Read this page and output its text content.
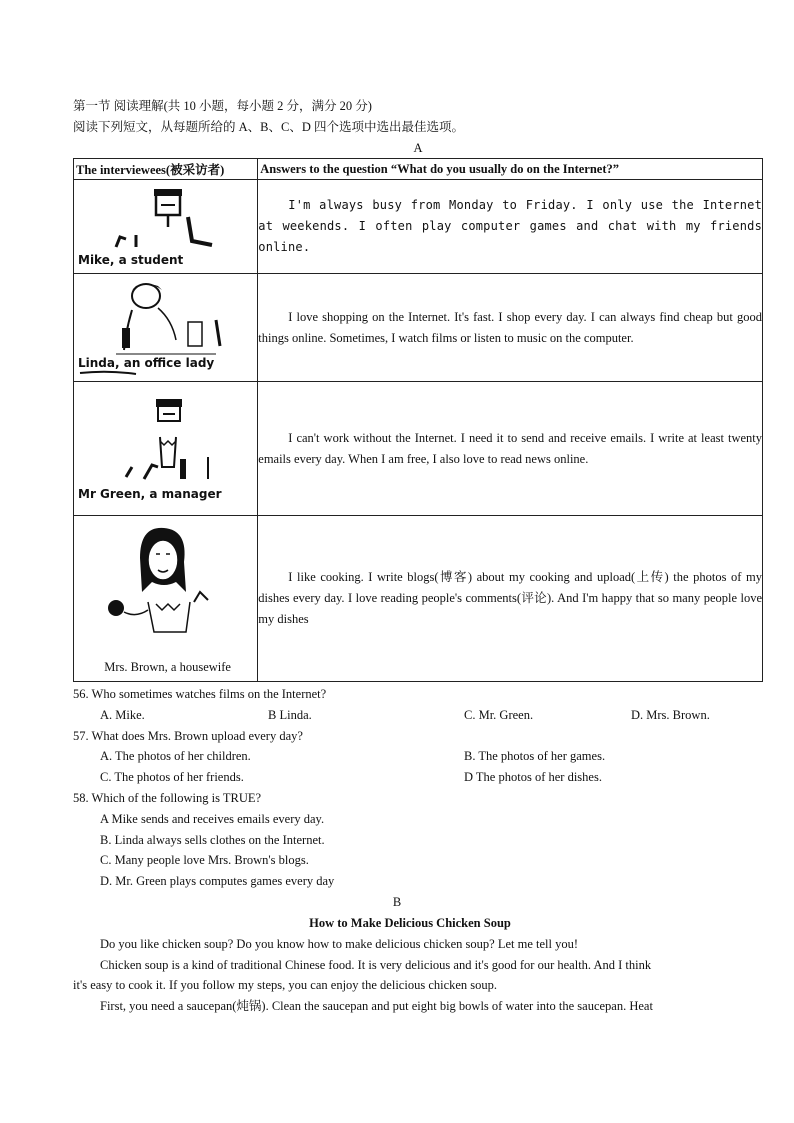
第一节 阅读理解(共 10 小题，每小题 2 分，满分 20 分)
阅读下列短文，从每题所给的 A、B、C、D 四个选项中选出最佳选项。
A
The interviewees(被采访者)	Answers to the question “What do you usually do on the Internet?”

Mike, a student	I'm always busy from Monday to Friday. I only use the Internet at weekends. I often play computer games and chat with my friends online.

Linda, an office lady	I love shopping on the Internet. It's fast. I shop every day. I can always find cheap but good things online. Sometimes, I watch films or listen to music on the computer.

Mr Green, a manager	I can't work without the Internet. I need it to send and receive emails. I write at least twenty emails every day. When I am free, I also love to read news online.

Mrs. Brown, a housewife	I like cooking. I write blogs(博客) about my cooking and upload(上传) the photos of my dishes every day. I love reading people's comments(评论). And I'm happy that so many people love my dishes
56. Who sometimes watches films on the Internet?
A. Mike.	B Linda.	C. Mr. Green.	D. Mrs. Brown.
57. What does Mrs. Brown upload every day?
A. The photos of her children.	B. The photos of her games.
C. The photos of her friends.	D The photos of her dishes.
58. Which of the following is TRUE?
A Mike sends and receives emails every day.
B. Linda always sells clothes on the Internet.
C. Many people love Mrs. Brown's blogs.
D. Mr. Green plays computes games every day
B
How to Make Delicious Chicken Soup
Do you like chicken soup? Do you know how to make delicious chicken soup? Let me tell you!
Chicken soup is a kind of traditional Chinese food. It is very delicious and it's good for our health. And I think
it's easy to cook it. If you follow my steps, you can enjoy the delicious chicken soup.
First, you need a saucepan(炖锅). Clean the saucepan and put eight big bowls of water into the saucepan. Heat
